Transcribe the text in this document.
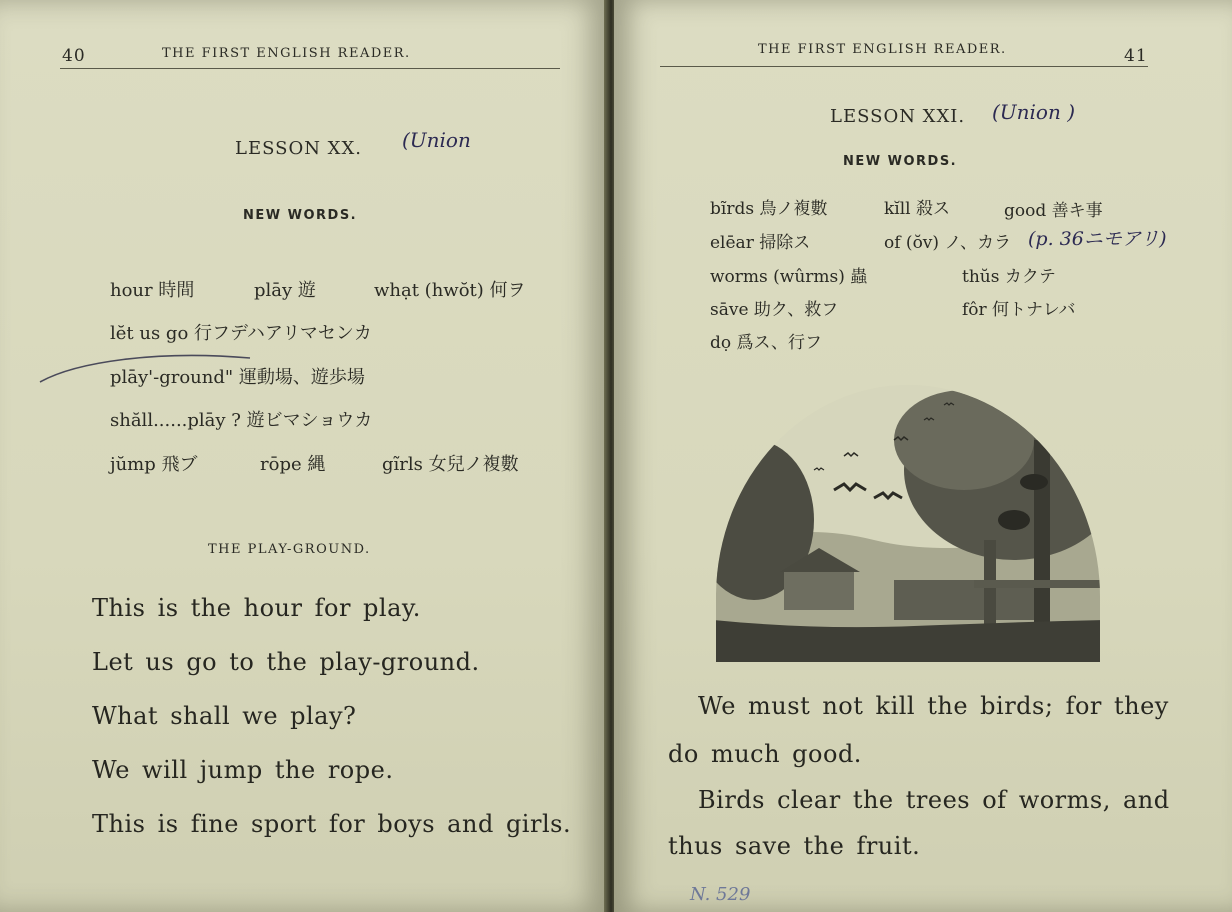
40	THE FIRST ENGLISH READER.
LESSON XX. (Union
NEW WORDS.
hour 時間	plāy 遊	whạt (hwŏt) 何ヲ
lĕt us go 行フデハアリマセンカ
plāy'-ground" 運動場、遊歩場
shăll......plāy ? 遊ビマショウカ
jŭmp 飛ブ	rōpe 縄	gĩrls 女兒ノ複數
THE PLAY-GROUND.
This is the hour for play.
Let us go to the play-ground.
What shall we play?
We will jump the rope.
This is fine sport for boys and girls.
THE FIRST ENGLISH READER.	41
LESSON XXI. (Union )
NEW WORDS.
bĩrds 鳥ノ複數	kĭll 殺ス	good 善キ事
elēar 掃除ス	of (ŏv) ノ、カラ (p. 36ニモアリ)
worms (wûrms) 蟲	thŭs カクテ
sāve 助ク、救フ	fôr 何トナレバ
dọ 爲ス、行フ
We must not kill the birds; for they
do much good.
Birds clear the trees of worms, and
thus save the fruit.
N. 529
